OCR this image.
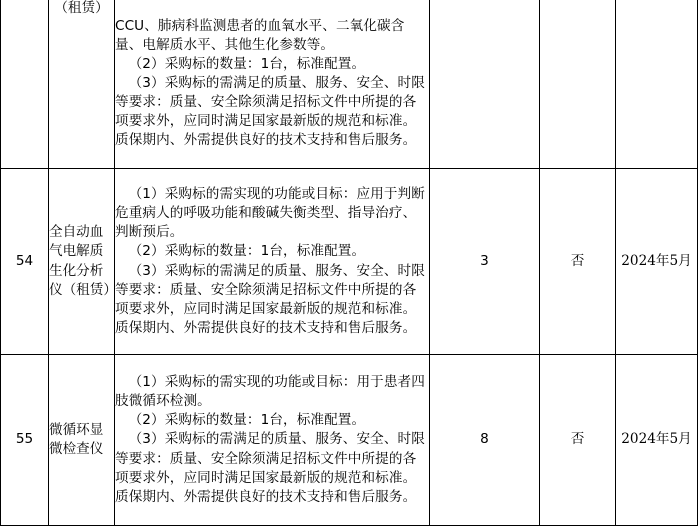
	（租赁）	CCU、肺病科监测患者的血氧水平、二氧化碳含量、电解质水平、其他生化参数等。
（2）采购标的数量：1台，标准配置。
（3）采购标的需满足的质量、服务、安全、时限等要求：质量、安全除须满足招标文件中所提的各项要求外，应同时满足国家最新版的规范和标准。质保期内、外需提供良好的技术支持和售后服务。			

54	全自动血气电解质生化分析仪（租赁）	（1）采购标的需实现的功能或目标：应用于判断危重病人的呼吸功能和酸碱失衡类型、指导治疗、判断预后。
（2）采购标的数量：1台，标准配置。
（3）采购标的需满足的质量、服务、安全、时限等要求：质量、安全除须满足招标文件中所提的各项要求外，应同时满足国家最新版的规范和标准。质保期内、外需提供良好的技术支持和售后服务。	3	否	2024年5月
55	微循环显微检查仪	（1）采购标的需实现的功能或目标：用于患者四肢微循环检测。
（2）采购标的数量：1台，标准配置。
（3）采购标的需满足的质量、服务、安全、时限等要求：质量、安全除须满足招标文件中所提的各项要求外，应同时满足国家最新版的规范和标准。质保期内、外需提供良好的技术支持和售后服务。	8	否	2024年5月
